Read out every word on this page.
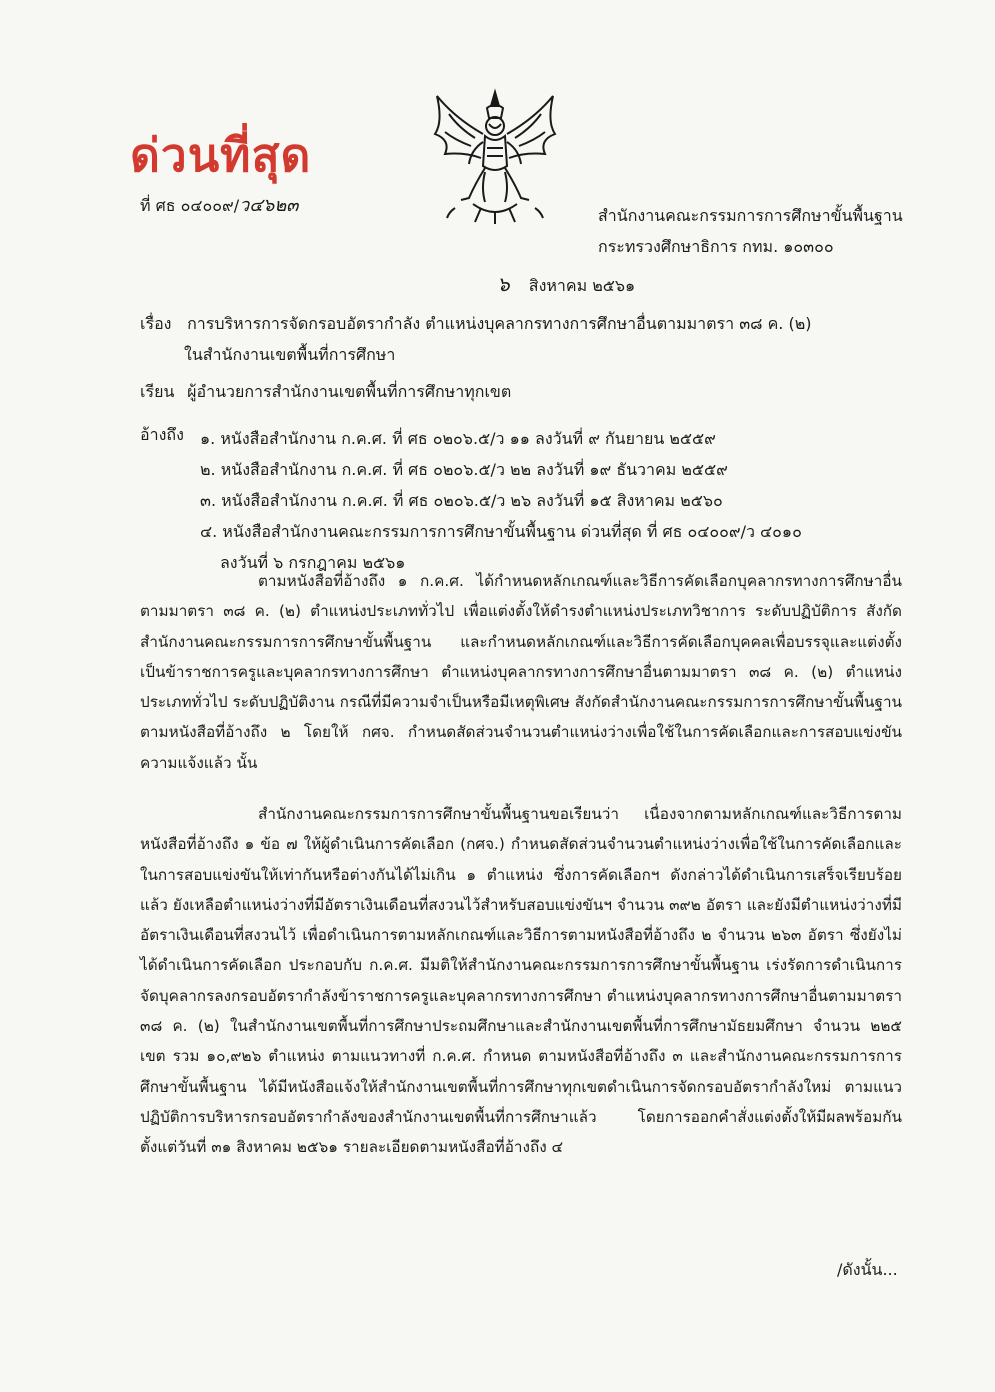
ด่วนที่สุด
ที่ ศธ ๐๔๐๐๙/ว๔๖๒๓	สำนักงานคณะกรรมการการศึกษาขั้นพื้นฐาน
กระทรวงศึกษาธิการ กทม. ๑๐๓๐๐
๖ สิงหาคม ๒๕๖๑
เรื่อง การบริหารการจัดกรอบอัตรากำลัง ตำแหน่งบุคลากรทางการศึกษาอื่นตามมาตรา ๓๘ ค. (๒)
ในสำนักงานเขตพื้นที่การศึกษา
เรียน ผู้อำนวยการสำนักงานเขตพื้นที่การศึกษาทุกเขต
อ้างถึง ๑. หนังสือสำนักงาน ก.ค.ศ. ที่ ศธ ๐๒๐๖.๕/ว ๑๑ ลงวันที่ ๙ กันยายน ๒๕๕๙
๒. หนังสือสำนักงาน ก.ค.ศ. ที่ ศธ ๐๒๐๖.๕/ว ๒๒ ลงวันที่ ๑๙ ธันวาคม ๒๕๕๙
๓. หนังสือสำนักงาน ก.ค.ศ. ที่ ศธ ๐๒๐๖.๕/ว ๒๖ ลงวันที่ ๑๕ สิงหาคม ๒๕๖๐
๔. หนังสือสำนักงานคณะกรรมการการศึกษาขั้นพื้นฐาน ด่วนที่สุด ที่ ศธ ๐๔๐๐๙/ว ๔๐๑๐
ลงวันที่ ๖ กรกฎาคม ๒๕๖๑

ตามหนังสือที่อ้างถึง ๑ ก.ค.ศ. ได้กำหนดหลักเกณฑ์และวิธีการคัดเลือกบุคลากรทางการศึกษาอื่นตามมาตรา ๓๘ ค. (๒) ตำแหน่งประเภททั่วไป เพื่อแต่งตั้งให้ดำรงตำแหน่งประเภทวิชาการ ระดับปฏิบัติการ สังกัดสำนักงานคณะกรรมการการศึกษาขั้นพื้นฐาน และกำหนดหลักเกณฑ์และวิธีการคัดเลือกบุคคลเพื่อบรรจุและแต่งตั้งเป็นข้าราชการครูและบุคลากรทางการศึกษา ตำแหน่งบุคลากรทางการศึกษาอื่นตามมาตรา ๓๘ ค. (๒) ตำแหน่งประเภททั่วไป ระดับปฏิบัติงาน กรณีที่มีความจำเป็นหรือมีเหตุพิเศษ สังกัดสำนักงานคณะกรรมการการศึกษาขั้นพื้นฐาน ตามหนังสือที่อ้างถึง ๒ โดยให้ กศจ. กำหนดสัดส่วนจำนวนตำแหน่งว่างเพื่อใช้ในการคัดเลือกและการสอบแข่งขัน ความแจ้งแล้ว นั้น

สำนักงานคณะกรรมการการศึกษาขั้นพื้นฐานขอเรียนว่า เนื่องจากตามหลักเกณฑ์และวิธีการตามหนังสือที่อ้างถึง ๑ ข้อ ๗ ให้ผู้ดำเนินการคัดเลือก (กศจ.) กำหนดสัดส่วนจำนวนตำแหน่งว่างเพื่อใช้ในการคัดเลือกและในการสอบแข่งขันให้เท่ากันหรือต่างกันได้ไม่เกิน ๑ ตำแหน่ง ซึ่งการคัดเลือกฯ ดังกล่าวได้ดำเนินการเสร็จเรียบร้อยแล้ว ยังเหลือตำแหน่งว่างที่มีอัตราเงินเดือนที่สงวนไว้สำหรับสอบแข่งขันฯ จำนวน ๓๙๒ อัตรา และยังมีตำแหน่งว่างที่มีอัตราเงินเดือนที่สงวนไว้ เพื่อดำเนินการตามหลักเกณฑ์และวิธีการตามหนังสือที่อ้างถึง ๒ จำนวน ๒๖๓ อัตรา ซึ่งยังไม่ได้ดำเนินการคัดเลือก ประกอบกับ ก.ค.ศ. มีมติให้สำนักงานคณะกรรมการการศึกษาขั้นพื้นฐาน เร่งรัดการดำเนินการจัดบุคลากรลงกรอบอัตรากำลังข้าราชการครูและบุคลากรทางการศึกษา ตำแหน่งบุคลากรทางการศึกษาอื่นตามมาตรา ๓๘ ค. (๒) ในสำนักงานเขตพื้นที่การศึกษาประถมศึกษาและสำนักงานเขตพื้นที่การศึกษามัธยมศึกษา จำนวน ๒๒๕ เขต รวม ๑๐,๙๒๖ ตำแหน่ง ตามแนวทางที่ ก.ค.ศ. กำหนด ตามหนังสือที่อ้างถึง ๓ และสำนักงานคณะกรรมการการศึกษาขั้นพื้นฐาน ได้มีหนังสือแจ้งให้สำนักงานเขตพื้นที่การศึกษาทุกเขตดำเนินการจัดกรอบอัตรากำลังใหม่ ตามแนวปฏิบัติการบริหารกรอบอัตรากำลังของสำนักงานเขตพื้นที่การศึกษาแล้ว โดยการออกคำสั่งแต่งตั้งให้มีผลพร้อมกันตั้งแต่วันที่ ๓๑ สิงหาคม ๒๕๖๑ รายละเอียดตามหนังสือที่อ้างถึง ๔

/ดังนั้น...
